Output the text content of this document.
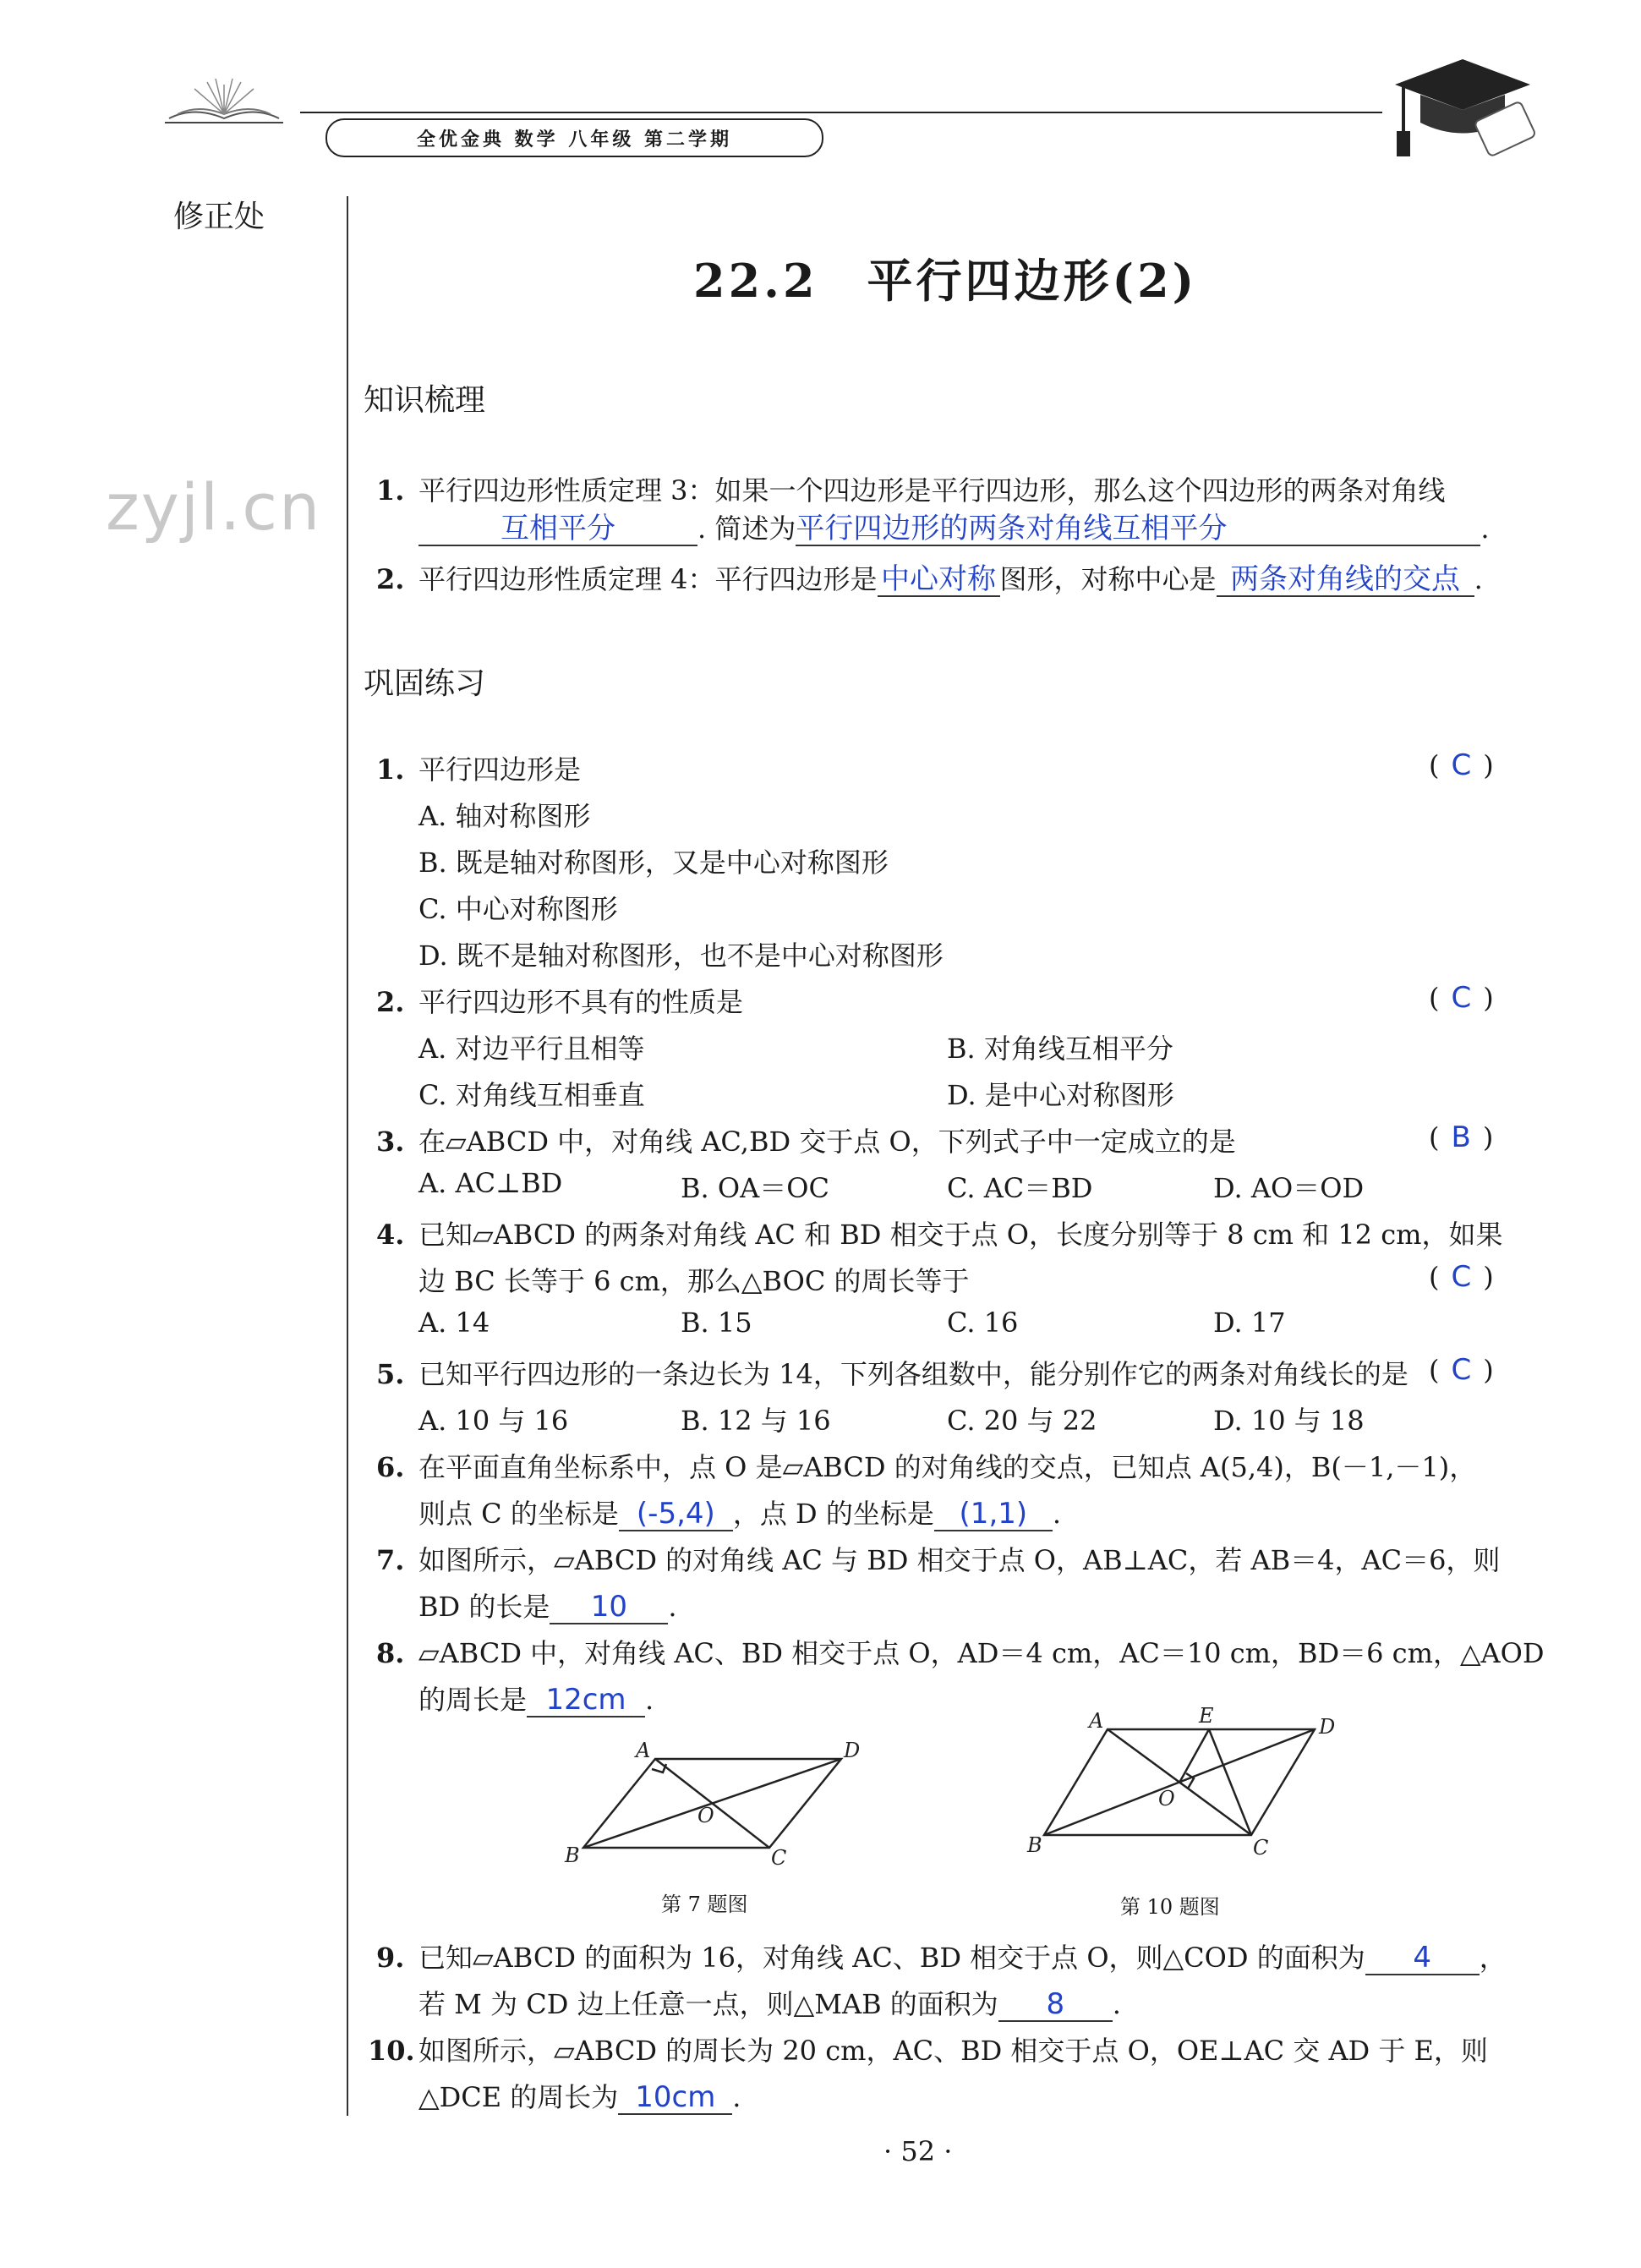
全优金典 数学 八年级 第二学期
修正处
zyjl.cn
22.2　平行四边形(2)
知识梳理
1. 平行四边形性质定理 3：如果一个四边形是平行四边形，那么这个四边形的两条对角线
互相平分	. 简述为平行四边形的两条对角线互相平分	.
2. 平行四边形性质定理 4：平行四边形是 中心对称 图形，对称中心是 两条对角线的交点 .
巩固练习
1. 平行四边形是	( C )
A. 轴对称图形
B. 既是轴对称图形，又是中心对称图形
C. 中心对称图形
D. 既不是轴对称图形，也不是中心对称图形
2. 平行四边形不具有的性质是	( C )
A. 对边平行且相等	B. 对角线互相平分
C. 对角线互相垂直	D. 是中心对称图形
3. 在▱ABCD 中，对角线 AC,BD 交于点 O，下列式子中一定成立的是	( B )
A. AC⊥BD	B. OA＝OC	C. AC＝BD	D. AO＝OD
4. 已知▱ABCD 的两条对角线 AC 和 BD 相交于点 O，长度分别等于 8 cm 和 12 cm，如果
边 BC 长等于 6 cm，那么△BOC 的周长等于	( C )
A. 14	B. 15	C. 16	D. 17
5. 已知平行四边形的一条边长为 14，下列各组数中，能分别作它的两条对角线长的是 ( C )
A. 10 与 16	B. 12 与 16	C. 20 与 22	D. 10 与 18
6. 在平面直角坐标系中，点 O 是▱ABCD 的对角线的交点，已知点 A(5,4)，B(－1,－1)，
则点 C 的坐标是 (-5,4) ，点 D 的坐标是 (1,1) .
7. 如图所示，▱ABCD 的对角线 AC 与 BD 相交于点 O，AB⊥AC，若 AB＝4，AC＝6，则
BD 的长是 10 .
8. ▱ABCD 中，对角线 AC、BD 相交于点 O，AD＝4 cm，AC＝10 cm，BD＝6 cm，△AOD
的周长是 12cm .
A	D
B	C
O
第 7 题图
A	E	D
B	C
O
第 10 题图
9. 已知▱ABCD 的面积为 16，对角线 AC、BD 相交于点 O，则△COD 的面积为 4 ，
若 M 为 CD 边上任意一点，则△MAB 的面积为 8 .
10. 如图所示，▱ABCD 的周长为 20 cm，AC、BD 相交于点 O，OE⊥AC 交 AD 于 E，则
△DCE 的周长为 10cm .
· 52 ·
